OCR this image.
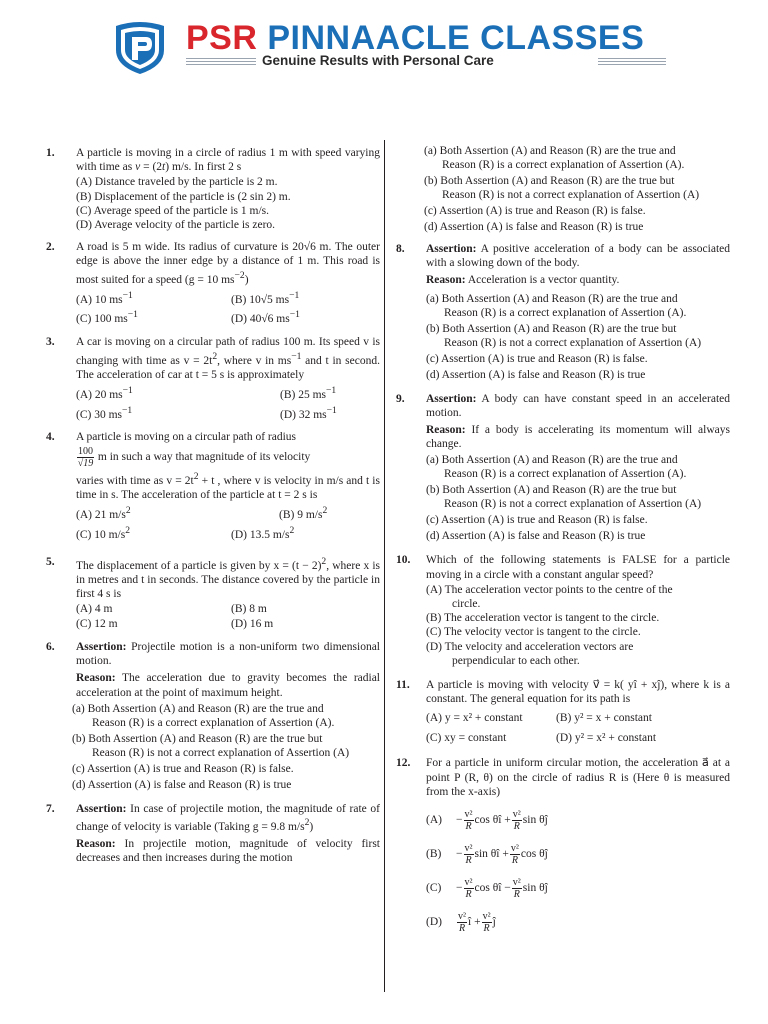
PSR PINNAACLE CLASSES
Genuine Results with Personal Care
1. A particle is moving in a circle of radius 1 m with speed varying with time as v = (2t) m/s. In first 2 s
(A) Distance traveled by the particle is 2 m.
(B) Displacement of the particle is (2 sin 2) m.
(C) Average speed of the particle is 1 m/s.
(D) Average velocity of the particle is zero.
2. A road is 5 m wide. Its radius of curvature is 20√6 m. The outer edge is above the inner edge by a distance of 1 m. This road is most suited for a speed (g = 10 $ms^{-2}$)
(A) 10 $ms^{-1}$	(B) 10√5 $ms^{-1}$
(C) 100 $ms^{-1}$	(D) 40√6 $ms^{-1}$
3. A car is moving on a circular path of radius 100 m. Its speed v is changing with time as $v = 2t^2$, where v in $ms^{-1}$ and t in second. The acceleration of car at t = 5 s is approximately
(A) 20 $ms^{-1}$	(B) 25 $ms^{-1}$
(C) 30 $ms^{-1}$	(D) 32 $ms^{-1}$
4. A particle is moving on a circular path of radius
$\frac{100}{√19}$ m in such a way that magnitude of its velocity
varies with time as $v = 2t^2 + t$ , where v is velocity in m/s and t is time in s. The acceleration of the particle at t = 2 s is
(A) 21 $m/s^2$	(B) 9 $m/s^2$
(C) 10 $m/s^2$	(D) 13.5 $m/s^2$
5. The displacement of a particle is given by $x = (t - 2)^2$, where x is in metres and t in seconds. The distance covered by the particle in first 4 s is
(A) 4 m	(B) 8 m
(C) 12 m	(D) 16 m
6. Assertion: Projectile motion is a non-uniform two dimensional motion.
Reason: The acceleration due to gravity becomes the radial acceleration at the point of maximum height.
(a) Both Assertion (A) and Reason (R) are the true and
Reason (R) is a correct explanation of Assertion (A).
(b) Both Assertion (A) and Reason (R) are the true but
Reason (R) is not a correct explanation of Assertion (A)
(c) Assertion (A) is true and Reason (R) is false.
(d) Assertion (A) is false and Reason (R) is true
7. Assertion: In case of projectile motion, the magnitude of rate of change of velocity is variable (Taking g = 9.8 $m/s^2$)
Reason: In projectile motion, magnitude of velocity first decreases and then increases during the motion
(a) Both Assertion (A) and Reason (R) are the true and
Reason (R) is a correct explanation of Assertion (A).
(b) Both Assertion (A) and Reason (R) are the true but
Reason (R) is not a correct explanation of Assertion (A)
(c) Assertion (A) is true and Reason (R) is false.
(d) Assertion (A) is false and Reason (R) is true
8. Assertion: A positive acceleration of a body can be associated with a slowing down of the body.
Reason: Acceleration is a vector quantity.
(a) Both Assertion (A) and Reason (R) are the true and
Reason (R) is a correct explanation of Assertion (A).
(b) Both Assertion (A) and Reason (R) are the true but
Reason (R) is not a correct explanation of Assertion (A)
(c) Assertion (A) is true and Reason (R) is false.
(d) Assertion (A) is false and Reason (R) is true
9. Assertion: A body can have constant speed in an accelerated motion.
Reason: If a body is accelerating its momentum will always change.
(a) Both Assertion (A) and Reason (R) are the true and
Reason (R) is a correct explanation of Assertion (A).
(b) Both Assertion (A) and Reason (R) are the true but
Reason (R) is not a correct explanation of Assertion (A)
(c) Assertion (A) is true and Reason (R) is false.
(d) Assertion (A) is false and Reason (R) is true
10. Which of the following statements is FALSE for a particle moving in a circle with a constant angular speed?
(A) The acceleration vector points to the centre of the
circle.
(B) The acceleration vector is tangent to the circle.
(C) The velocity vector is tangent to the circle.
(D) The velocity and acceleration vectors are
perpendicular to each other.
11. A particle is moving with velocity v⃗ = k( yî + xĵ), where k is a constant. The general equation for its path is
(A) y = x² + constant	(B) y² = x + constant
(C) xy = constant	(D) y² = x² + constant
12. For a particle in uniform circular motion, the acceleration a⃗ at a point P (R, θ) on the circle of radius R is (Here θ is measured from the x-axis)
(A)	− $\frac{\text{v²}}{R}$ cos θî + $\frac{\text{v²}}{R}$ sin θĵ
(B)	− $\frac{\text{v²}}{R}$ sin θî + $\frac{\text{v²}}{R}$ cos θĵ
(C)	− $\frac{\text{v²}}{R}$ cos θî − $\frac{\text{v²}}{R}$ sin θĵ
(D)	$\frac{\text{v²}}{R}$ î + $\frac{\text{v²}}{R}$ ĵ
